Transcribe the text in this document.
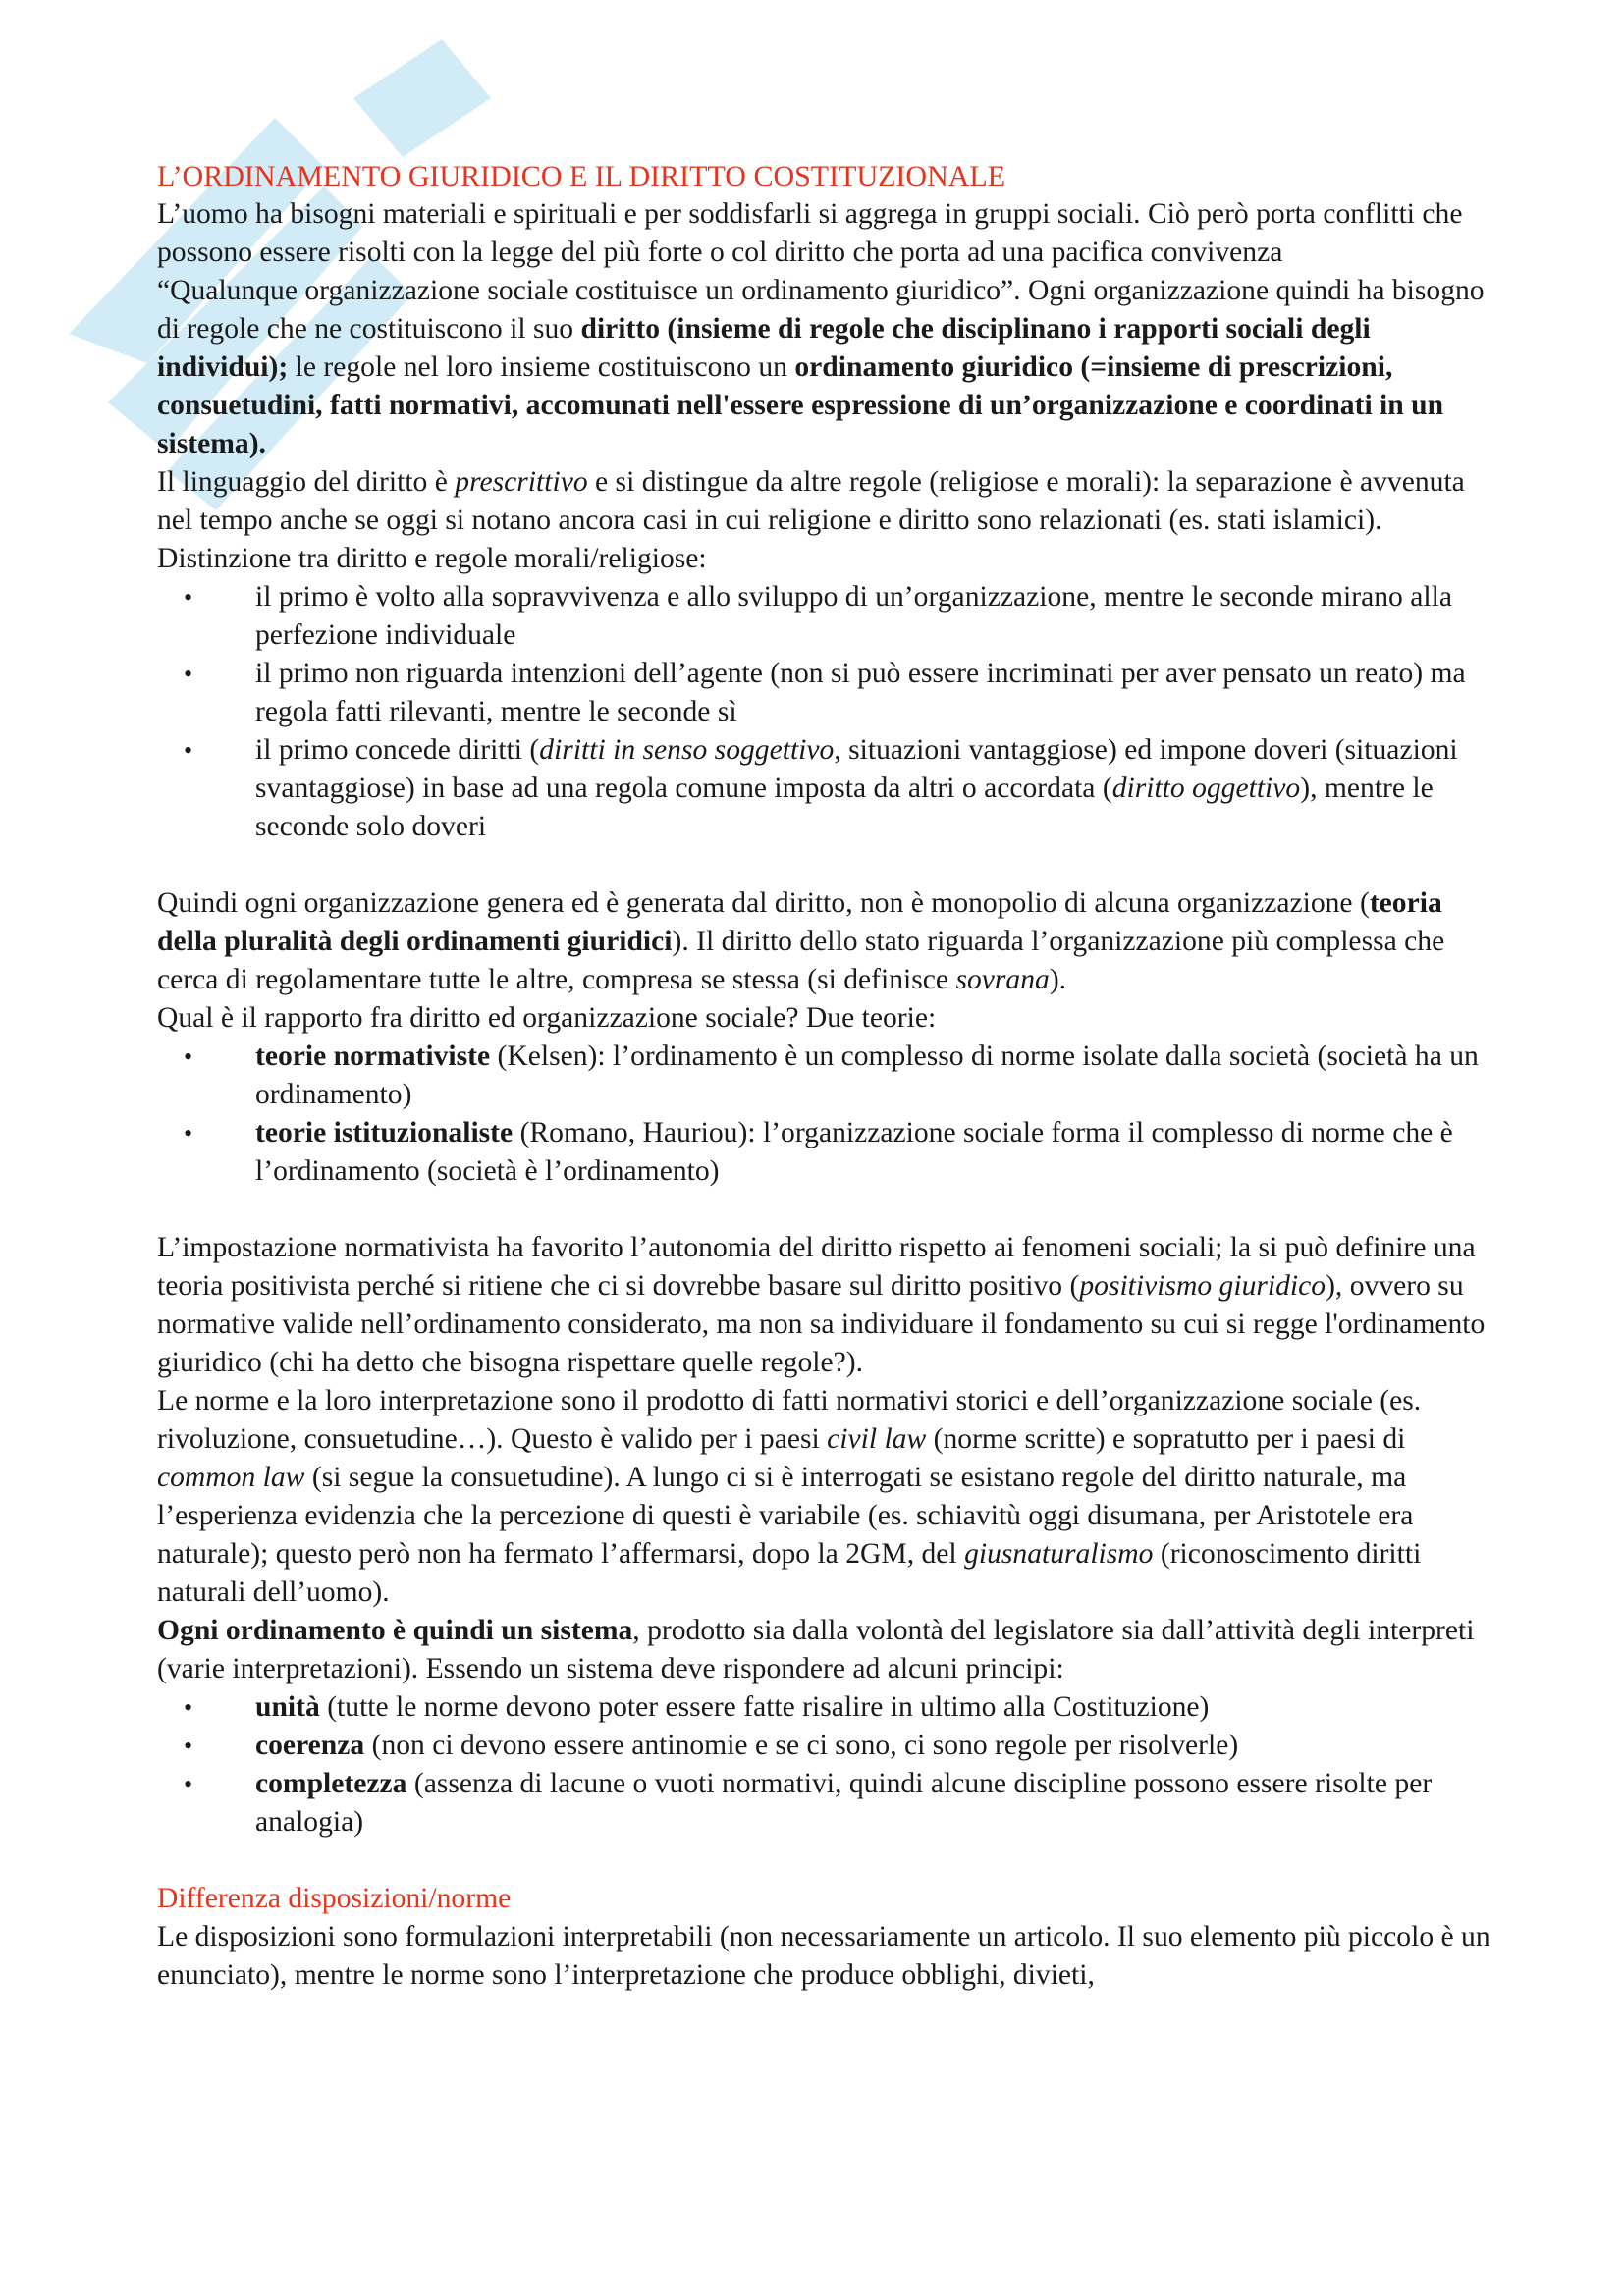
L’ORDINAMENTO GIURIDICO E IL DIRITTO COSTITUZIONALE

L’uomo ha bisogni materiali e spirituali e per soddisfarli si aggrega in gruppi sociali. Ciò però porta conflitti che possono essere risolti con la legge del più forte o col diritto che porta ad una pacifica convivenza

“Qualunque organizzazione sociale costituisce un ordinamento giuridico”. Ogni organizzazione quindi ha bisogno di regole che ne costituiscono il suo diritto (insieme di regole che disciplinano i rapporti sociali degli individui); le regole nel loro insieme costituiscono un ordinamento giuridico (=insieme di prescrizioni, consuetudini, fatti normativi, accomunati nell'essere espressione di un’organizzazione e coordinati in un sistema).

Il linguaggio del diritto è prescrittivo e si distingue da altre regole (religiose e morali): la separazione è avvenuta nel tempo anche se oggi si notano ancora casi in cui religione e diritto sono relazionati (es. stati islamici). Distinzione tra diritto e regole morali/religiose:

• il primo è volto alla sopravvivenza e allo sviluppo di un’organizzazione, mentre le seconde mirano alla perfezione individuale
• il primo non riguarda intenzioni dell’agente (non si può essere incriminati per aver pensato un reato) ma regola fatti rilevanti, mentre le seconde sì
• il primo concede diritti (diritti in senso soggettivo, situazioni vantaggiose) ed impone doveri (situazioni svantaggiose) in base ad una regola comune imposta da altri o accordata (diritto oggettivo), mentre le seconde solo doveri

Quindi ogni organizzazione genera ed è generata dal diritto, non è monopolio di alcuna organizzazione (teoria della pluralità degli ordinamenti giuridici). Il diritto dello stato riguarda l’organizzazione più complessa che cerca di regolamentare tutte le altre, compresa se stessa (si definisce sovrana).

Qual è il rapporto fra diritto ed organizzazione sociale? Due teorie:

• teorie normativiste (Kelsen): l’ordinamento è un complesso di norme isolate dalla società (società ha un ordinamento)
• teorie istituzionaliste (Romano, Hauriou): l’organizzazione sociale forma il complesso di norme che è l’ordinamento (società è l’ordinamento)

L’impostazione normativista ha favorito l’autonomia del diritto rispetto ai fenomeni sociali; la si può definire una teoria positivista perché si ritiene che ci si dovrebbe basare sul diritto positivo (positivismo giuridico), ovvero su normative valide nell’ordinamento considerato, ma non sa individuare il fondamento su cui si regge l'ordinamento giuridico (chi ha detto che bisogna rispettare quelle regole?).

Le norme e la loro interpretazione sono il prodotto di fatti normativi storici e dell’organizzazione sociale (es. rivoluzione, consuetudine…). Questo è valido per i paesi civil law (norme scritte) e sopratutto per i paesi di common law (si segue la consuetudine). A lungo ci si è interrogati se esistano regole del diritto naturale, ma l’esperienza evidenzia che la percezione di questi è variabile (es. schiavitù oggi disumana, per Aristotele era naturale); questo però non ha fermato l’affermarsi, dopo la 2GM, del giusnaturalismo (riconoscimento diritti naturali dell’uomo).

Ogni ordinamento è quindi un sistema, prodotto sia dalla volontà del legislatore sia dall’attività degli interpreti (varie interpretazioni). Essendo un sistema deve rispondere ad alcuni principi:

• unità (tutte le norme devono poter essere fatte risalire in ultimo alla Costituzione)
• coerenza (non ci devono essere antinomie e se ci sono, ci sono regole per risolverle)
• completezza (assenza di lacune o vuoti normativi, quindi alcune discipline possono essere risolte per analogia)

Differenza disposizioni/norme

Le disposizioni sono formulazioni interpretabili (non necessariamente un articolo. Il suo elemento più piccolo è un enunciato), mentre le norme sono l’interpretazione che produce obblighi, divieti,
